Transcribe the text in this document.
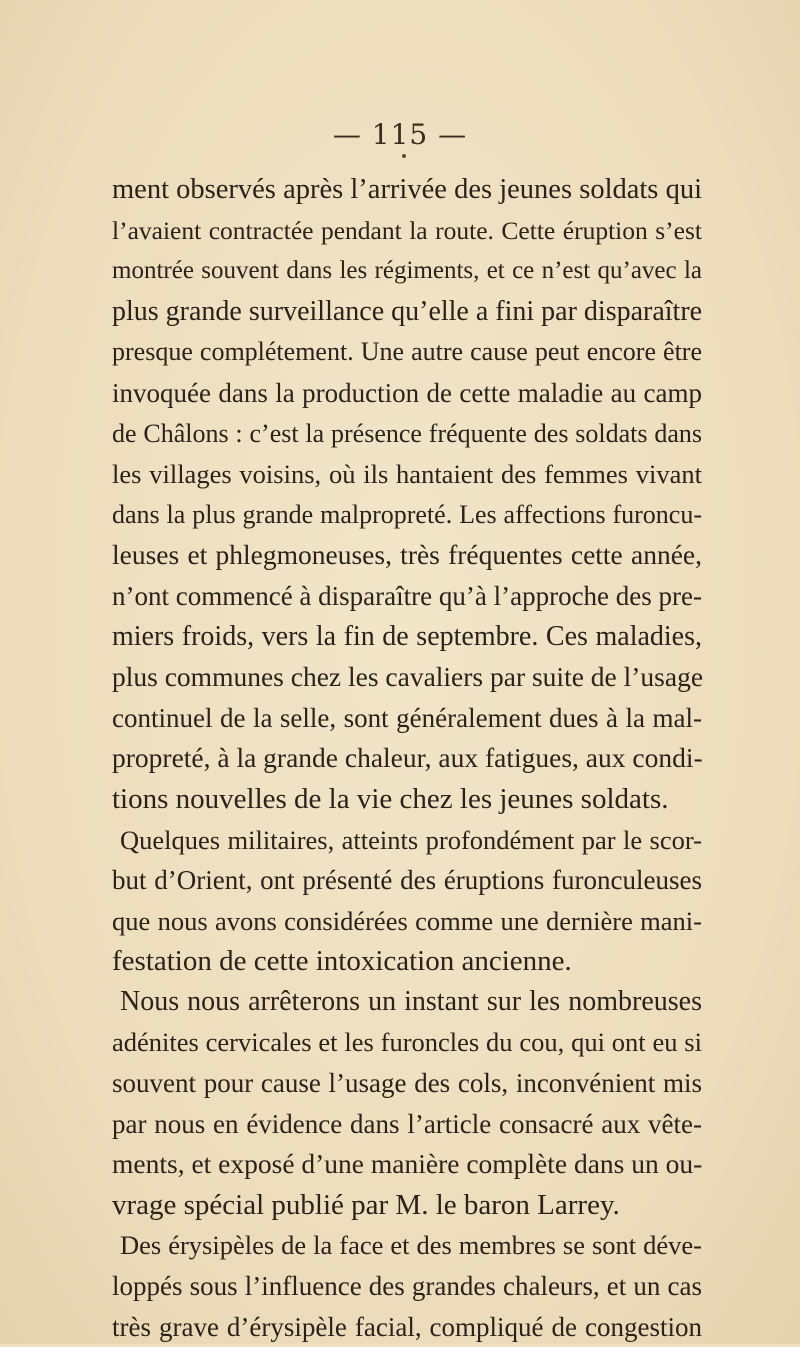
— 115 —
ment observés après l’arrivée des jeunes soldats qui
l’avaient contractée pendant la route. Cette éruption s’est
montrée souvent dans les régiments, et ce n’est qu’avec la
plus grande surveillance qu’elle a fini par disparaître
presque complétement. Une autre cause peut encore être
invoquée dans la production de cette maladie au camp
de Châlons : c’est la présence fréquente des soldats dans
les villages voisins, où ils hantaient des femmes vivant
dans la plus grande malpropreté. Les affections furoncu-
leuses et phlegmoneuses, très fréquentes cette année,
n’ont commencé à disparaître qu’à l’approche des pre-
miers froids, vers la fin de septembre. Ces maladies,
plus communes chez les cavaliers par suite de l’usage
continuel de la selle, sont généralement dues à la mal-
propreté, à la grande chaleur, aux fatigues, aux condi-
tions nouvelles de la vie chez les jeunes soldats.
Quelques militaires, atteints profondément par le scor-
but d’Orient, ont présenté des éruptions furonculeuses
que nous avons considérées comme une dernière mani-
festation de cette intoxication ancienne.
Nous nous arrêterons un instant sur les nombreuses
adénites cervicales et les furoncles du cou, qui ont eu si
souvent pour cause l’usage des cols, inconvénient mis
par nous en évidence dans l’article consacré aux vête-
ments, et exposé d’une manière complète dans un ou-
vrage spécial publié par M. le baron Larrey.
Des érysipèles de la face et des membres se sont déve-
loppés sous l’influence des grandes chaleurs, et un cas
très grave d’érysipèle facial, compliqué de congestion
